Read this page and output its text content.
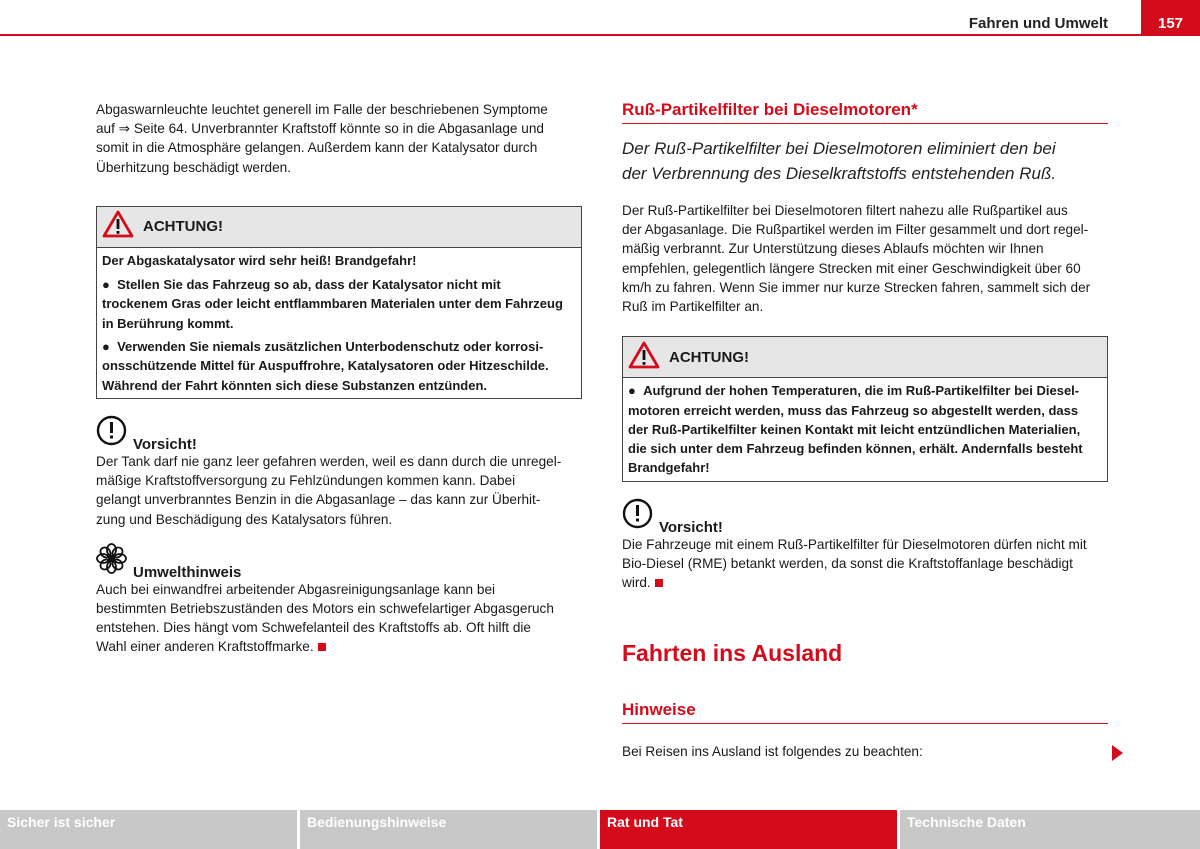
Fahren und Umwelt	157

Abgaswarnleuchte leuchtet generell im Falle der beschriebenen Symptome

auf ⇒ Seite 64. Unverbrannter Kraftstoff könnte so in die Abgasanlage und

somit in die Atmosphäre gelangen. Außerdem kann der Katalysator durch

Überhitzung beschädigt werden.

ACHTUNG!
Der Abgaskatalysator wird sehr heiß! Brandgefahr!
●  Stellen Sie das Fahrzeug so ab, dass der Katalysator nicht mit
trockenem Gras oder leicht entflammbaren Materialen unter dem Fahrzeug
in Berührung kommt.
●  Verwenden Sie niemals zusätzlichen Unterbodenschutz oder korrosi-
onsschützende Mittel für Auspuffrohre, Katalysatoren oder Hitzeschilde.
Während der Fahrt könnten sich diese Substanzen entzünden.
Vorsicht!

Der Tank darf nie ganz leer gefahren werden, weil es dann durch die unregel-

mäßige Kraftstoffversorgung zu Fehlzündungen kommen kann. Dabei

gelangt unverbranntes Benzin in die Abgasanlage – das kann zur Überhit-

zung und Beschädigung des Katalysators führen.

Umwelthinweis

Auch bei einwandfrei arbeitender Abgasreinigungsanlage kann bei

bestimmten Betriebszuständen des Motors ein schwefelartiger Abgasgeruch

entstehen. Dies hängt vom Schwefelanteil des Kraftstoffs ab. Oft hilft die

Wahl einer anderen Kraftstoffmarke.

Ruß-Partikelfilter bei Dieselmotoren*
Der Ruß-Partikelfilter bei Dieselmotoren eliminiert den bei
der Verbrennung des Dieselkraftstoffs entstehenden Ruß.

Der Ruß-Partikelfilter bei Dieselmotoren filtert nahezu alle Rußpartikel aus

der Abgasanlage. Die Rußpartikel werden im Filter gesammelt und dort regel-

mäßig verbrannt. Zur Unterstützung dieses Ablaufs möchten wir Ihnen

empfehlen, gelegentlich längere Strecken mit einer Geschwindigkeit über 60

km/h zu fahren. Wenn Sie immer nur kurze Strecken fahren, sammelt sich der

Ruß im Partikelfilter an.

ACHTUNG!
●  Aufgrund der hohen Temperaturen, die im Ruß-Partikelfilter bei Diesel-
motoren erreicht werden, muss das Fahrzeug so abgestellt werden, dass
der Ruß-Partikelfilter keinen Kontakt mit leicht entzündlichen Materialien,
die sich unter dem Fahrzeug befinden können, erhält. Andernfalls besteht
Brandgefahr!
Vorsicht!

Die Fahrzeuge mit einem Ruß-Partikelfilter für Dieselmotoren dürfen nicht mit

Bio-Diesel (RME) betankt werden, da sonst die Kraftstoffanlage beschädigt

wird.

Fahrten ins Ausland
Hinweise
Bei Reisen ins Ausland ist folgendes zu beachten:
Sicher ist sicher	Bedienungshinweise	Rat und Tat	Technische Daten
